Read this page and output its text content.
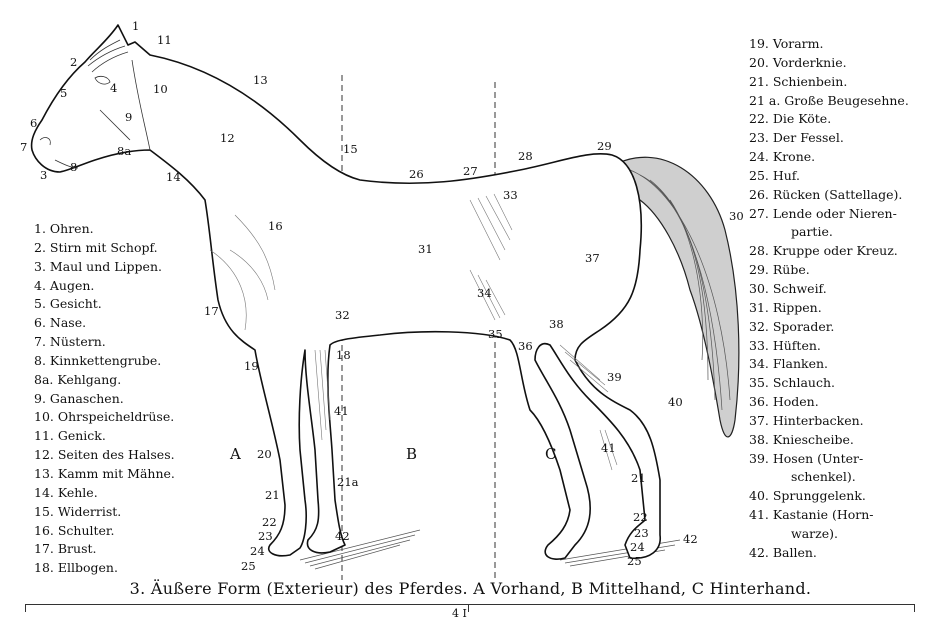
1
11
2
13
5	4	10
9
6
12
7	8a	15
3
8
14	26	27
28
29
33
30
16
31
37
34
17	32
38
35
36
18
19
39
40
41
41
20
21a	21
21
22	22
23	23
42	42
24	24
25	25
A	B	C
1. Ohren.
2. Stirn mit Schopf.
3. Maul und Lippen.
4. Augen.
5. Gesicht.
6. Nase.
7. Nüstern.
8. Kinnkettengrube.
8a. Kehlgang.
9. Ganaschen.
10. Ohrspeicheldrüse.
11. Genick.
12. Seiten des Halses.
13. Kamm mit Mähne.
14. Kehle.
15. Widerrist.
16. Schulter.
17. Brust.
18. Ellbogen.
19. Vorarm.
20. Vorderknie.
21. Schienbein.
21 a. Große Beugesehne.
22. Die Köte.
23. Der Fessel.
24. Krone.
25. Huf.
26. Rücken (Sattellage).
27. Lende oder Nieren-
partie.
28. Kruppe oder Kreuz.
29. Rübe.
30. Schweif.
31. Rippen.
32. Sporader.
33. Hüften.
34. Flanken.
35. Schlauch.
36. Hoden.
37. Hinterbacken.
38. Kniescheibe.
39. Hosen (Unter-
schenkel).
40. Sprunggelenk.
41. Kastanie (Horn-
warze).
42. Ballen.
3. Äußere Form (Exterieur) des Pferdes. A Vorhand, B Mittelhand, C Hinterhand.
4 I
